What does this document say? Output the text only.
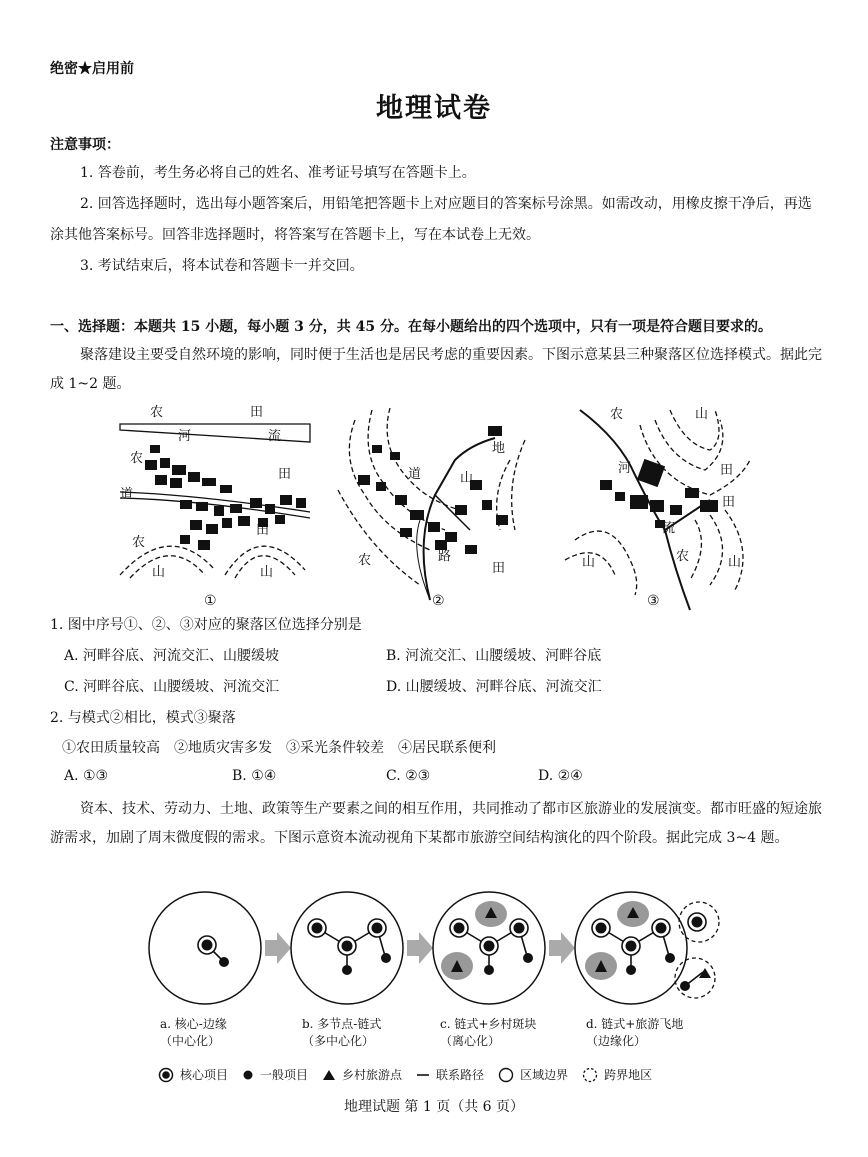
绝密★启用前
地理试卷
注意事项：
1. 答卷前，考生务必将自己的姓名、准考证号填写在答题卡上。
2. 回答选择题时，选出每小题答案后，用铅笔把答题卡上对应题目的答案标号涂黑。如需改动，用橡皮擦干净后，再选涂其他答案标号。回答非选择题时，将答案写在答题卡上，写在本试卷上无效。
3. 考试结束后，将本试卷和答题卡一并交回。
一、选择题：本题共 15 小题，每小题 3 分，共 45 分。在每小题给出的四个选项中，只有一项是符合题目要求的。
聚落建设主要受自然环境的影响，同时便于生活也是居民考虑的重要因素。下图示意某县三种聚落区位选择模式。据此完成 1~2 题。
农	田
河	流
农
道
田
农
山	山
田
道
地
山
农	路
田
农	山
河	田
田
流
山	农	山
①	②	③
1. 图中序号①、②、③对应的聚落区位选择分别是
A. 河畔谷底、河流交汇、山腰缓坡	B. 河流交汇、山腰缓坡、河畔谷底
C. 河畔谷底、山腰缓坡、河流交汇	D. 山腰缓坡、河畔谷底、河流交汇
2. 与模式②相比，模式③聚落
①农田质量较高　②地质灾害多发　③采光条件较差　④居民联系便利
A. ①③	B. ①④	C. ②③	D. ②④
资本、技术、劳动力、土地、政策等生产要素之间的相互作用，共同推动了都市区旅游业的发展演变。都市旺盛的短途旅游需求，加剧了周末微度假的需求。下图示意资本流动视角下某都市旅游空间结构演化的四个阶段。据此完成 3~4 题。
a. 核心-边缘
（中心化）
b. 多节点-链式
（多中心化）
c. 链式+乡村斑块
（离心化）
d. 链式+旅游飞地
（边缘化）
核心项目	一般项目	乡村旅游点	联系路径	区域边界	跨界地区
地理试题 第 1 页（共 6 页）
